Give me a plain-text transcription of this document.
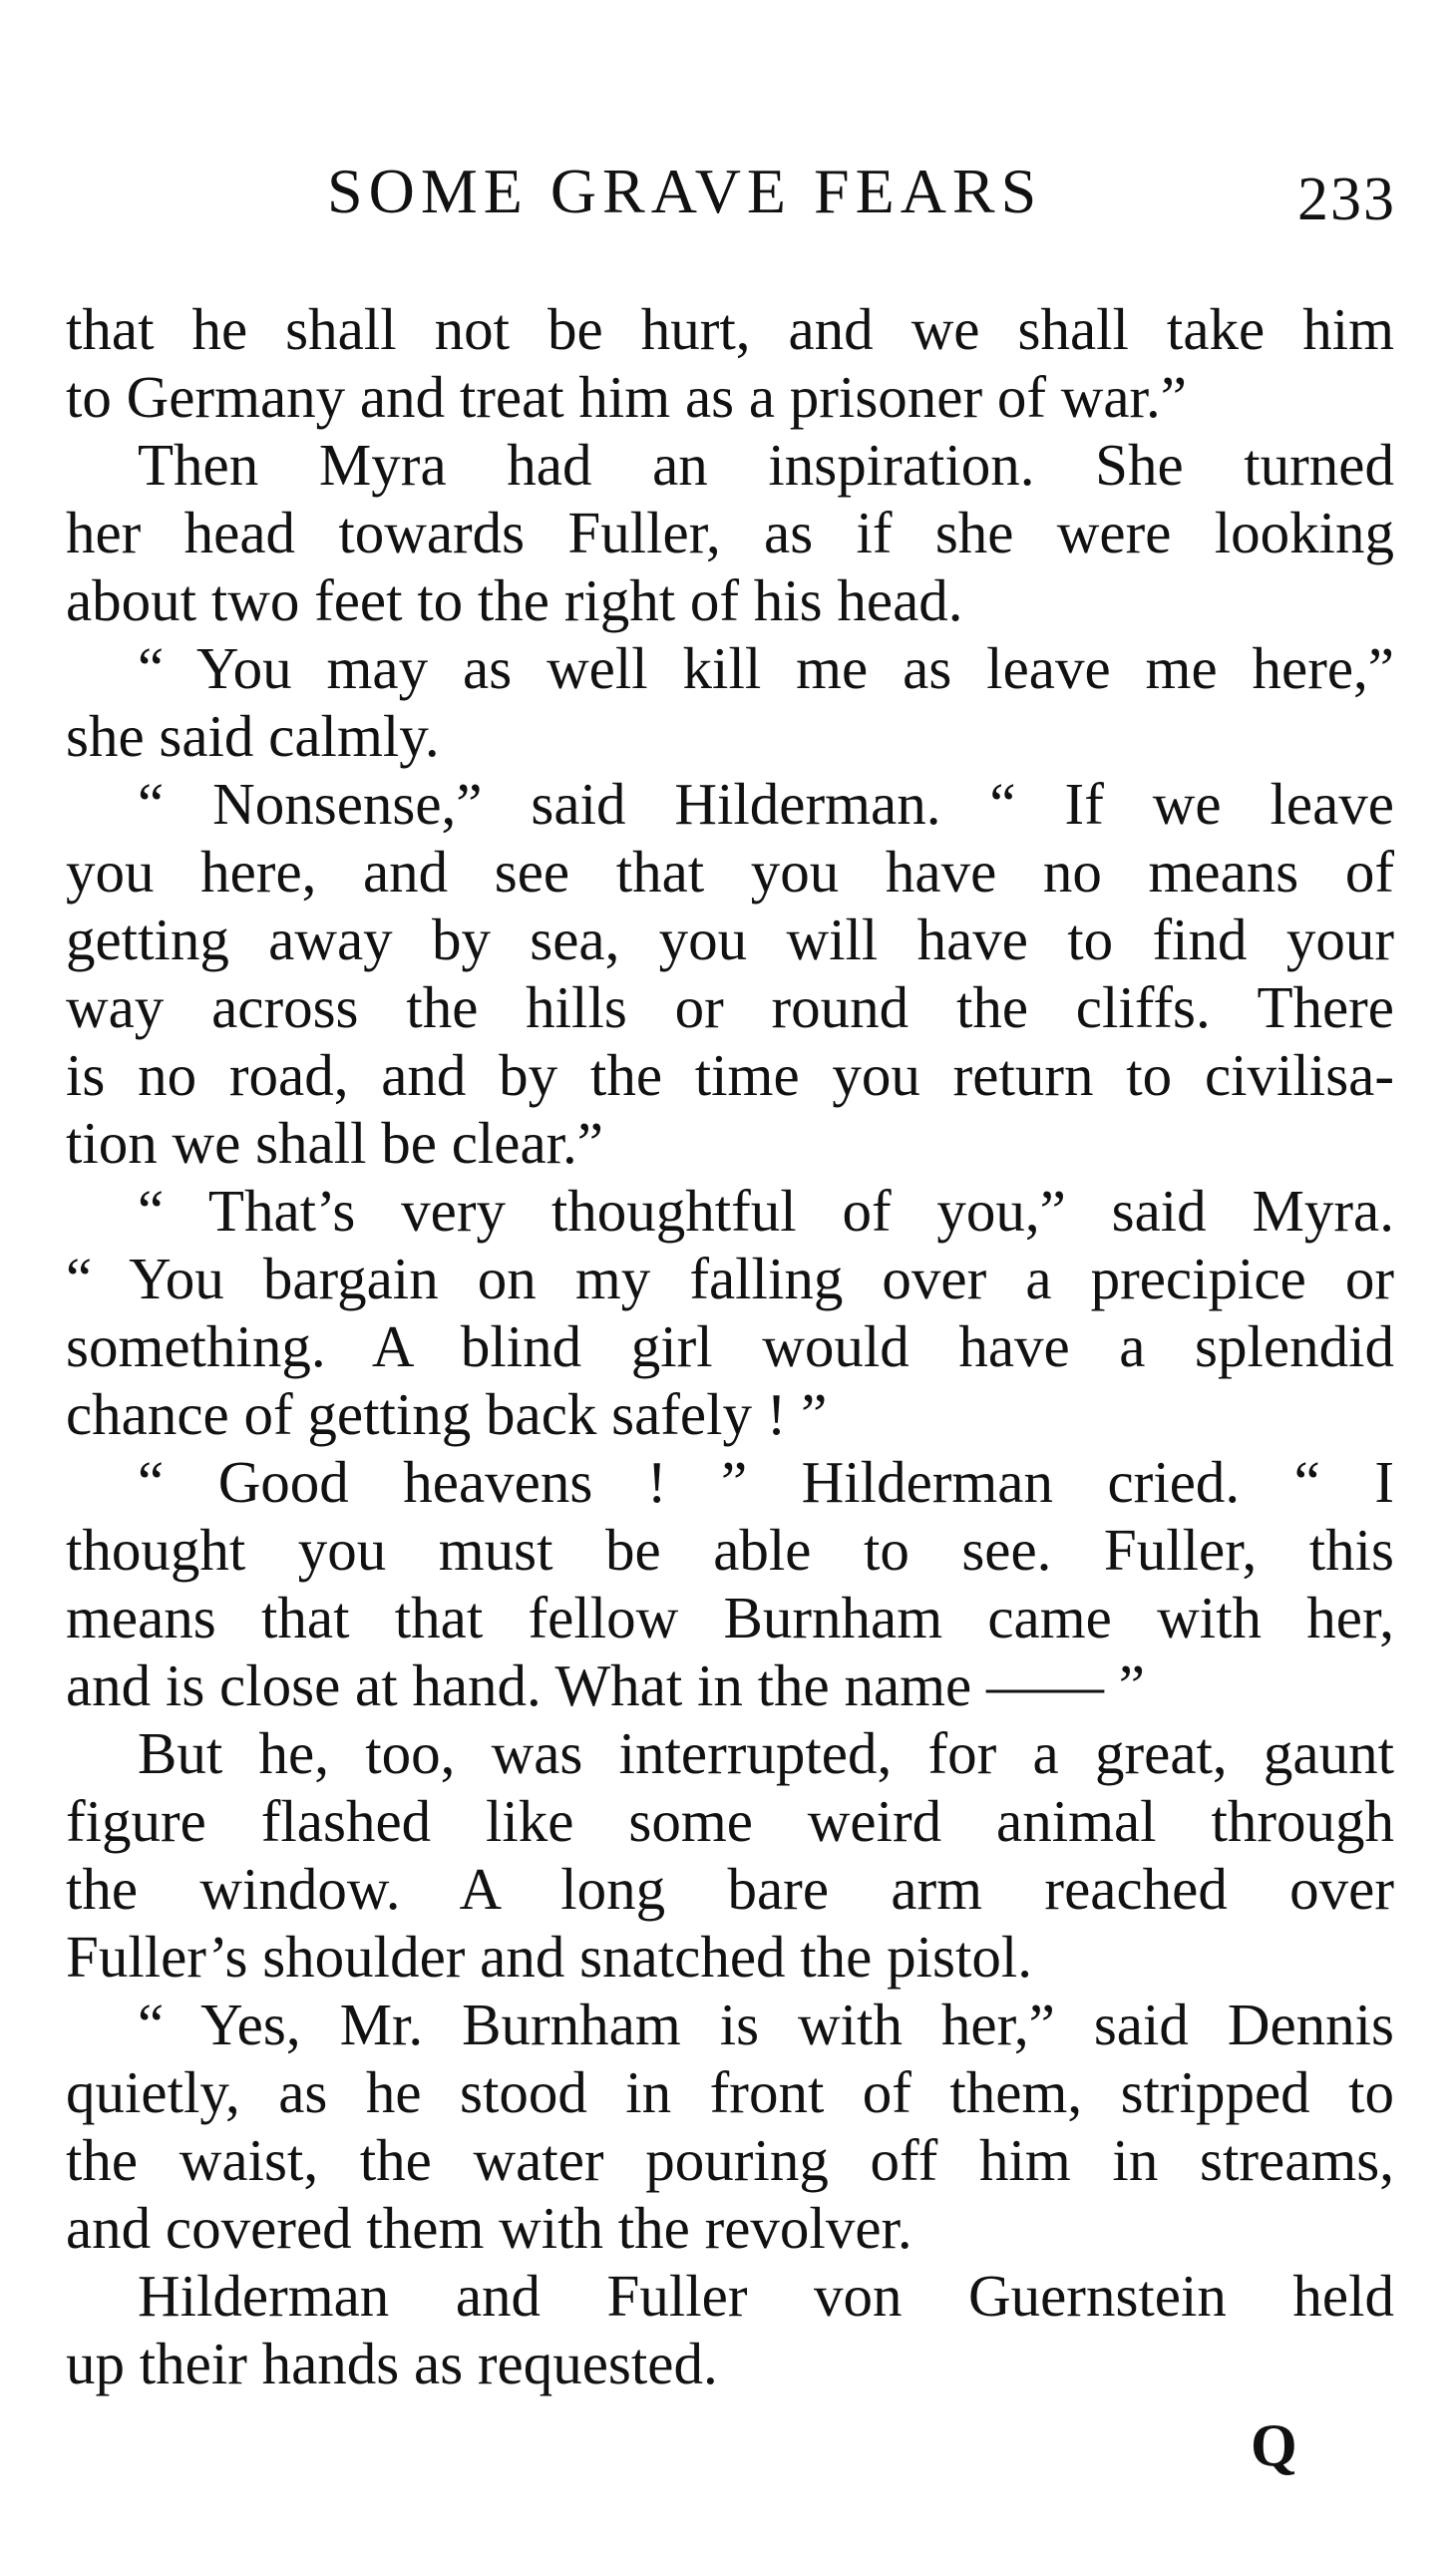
SOME GRAVE FEARS	233
that he shall not be hurt, and we shall take him
to Germany and treat him as a prisoner of war.”
Then Myra had an inspiration. She turned
her head towards Fuller, as if she were looking
about two feet to the right of his head.
“ You may as well kill me as leave me here,”
she said calmly.
“ Nonsense,” said Hilderman. “ If we leave
you here, and see that you have no means of
getting away by sea, you will have to find your
way across the hills or round the cliffs. There
is no road, and by the time you return to civilisa-
tion we shall be clear.”
“ That’s very thoughtful of you,” said Myra.
“ You bargain on my falling over a precipice or
something. A blind girl would have a splendid
chance of getting back safely ! ”
“ Good heavens ! ” Hilderman cried. “ I
thought you must be able to see. Fuller, this
means that that fellow Burnham came with her,
and is close at hand. What in the name —— ”
But he, too, was interrupted, for a great, gaunt
figure flashed like some weird animal through
the window. A long bare arm reached over
Fuller’s shoulder and snatched the pistol.
“ Yes, Mr. Burnham is with her,” said Dennis
quietly, as he stood in front of them, stripped to
the waist, the water pouring off him in streams,
and covered them with the revolver.
Hilderman and Fuller von Guernstein held
up their hands as requested.
Q
